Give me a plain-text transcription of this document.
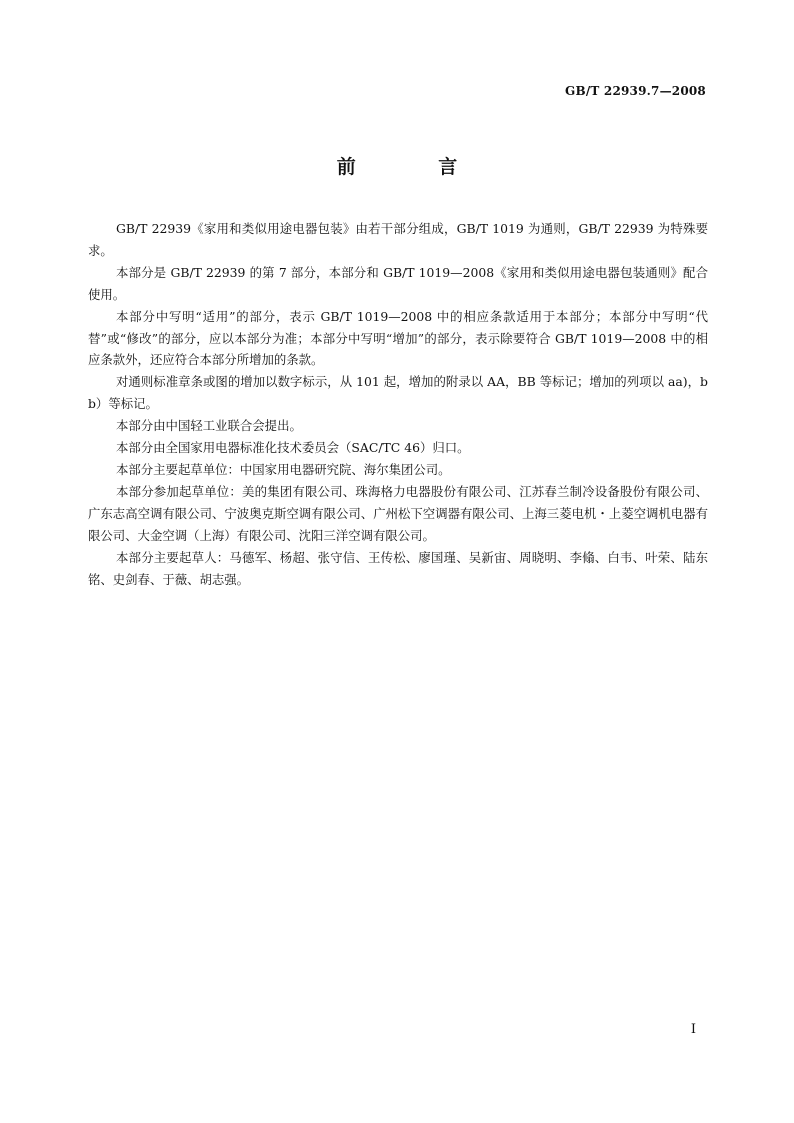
GB/T 22939.7—2008
前 言

GB/T 22939《家用和类似用途电器包装》由若干部分组成，GB/T 1019 为通则，GB/T 22939 为特殊要求。

本部分是 GB/T 22939 的第 7 部分，本部分和 GB/T 1019—2008《家用和类似用途电器包装通则》配合使用。

本部分中写明“适用”的部分，表示 GB/T 1019—2008 中的相应条款适用于本部分；本部分中写明“代替”或“修改”的部分，应以本部分为准；本部分中写明“增加”的部分，表示除要符合 GB/T 1019—2008 中的相应条款外，还应符合本部分所增加的条款。

对通则标准章条或图的增加以数字标示，从 101 起，增加的附录以 AA，BB 等标记；增加的列项以 aa)，bb）等标记。

本部分由中国轻工业联合会提出。

本部分由全国家用电器标准化技术委员会（SAC/TC 46）归口。

本部分主要起草单位：中国家用电器研究院、海尔集团公司。

本部分参加起草单位：美的集团有限公司、珠海格力电器股份有限公司、江苏春兰制冷设备股份有限公司、广东志高空调有限公司、宁波奥克斯空调有限公司、广州松下空调器有限公司、上海三菱电机・上菱空调机电器有限公司、大金空调（上海）有限公司、沈阳三洋空调有限公司。

本部分主要起草人：马德军、杨超、张守信、王传松、廖国瑾、吴新宙、周晓明、李翛、白韦、叶荣、陆东铭、史剑春、于薇、胡志强。

I
